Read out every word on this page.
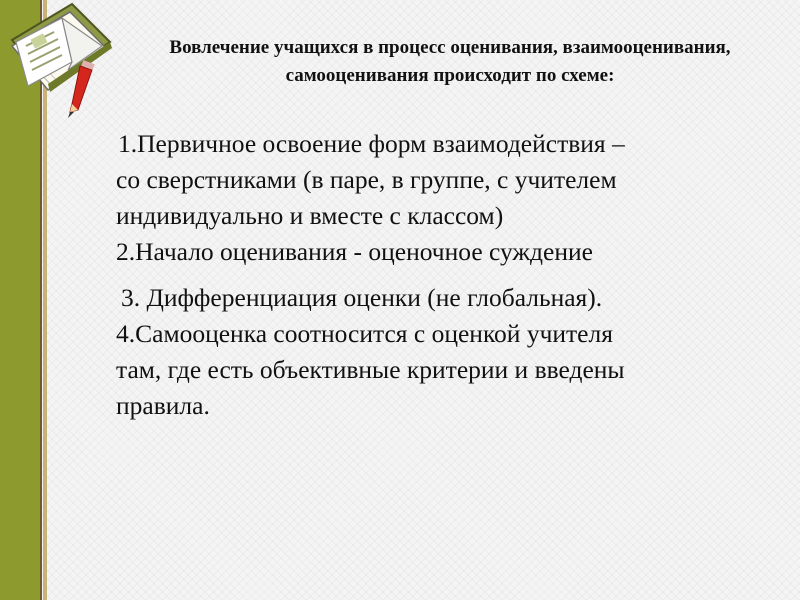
Вовлечение учащихся в процесс оценивания, взаимооценивания, самооценивания происходит по схеме:
1.Первичное освоение форм взаимодействия –
со сверстниками (в паре, в группе, с учителем
индивидуально и вместе с классом)
2.Начало оценивания - оценочное суждение
3. Дифференциация оценки (не глобальная).
4.Самооценка соотносится с оценкой учителя
там, где есть объективные критерии и введены
правила.
